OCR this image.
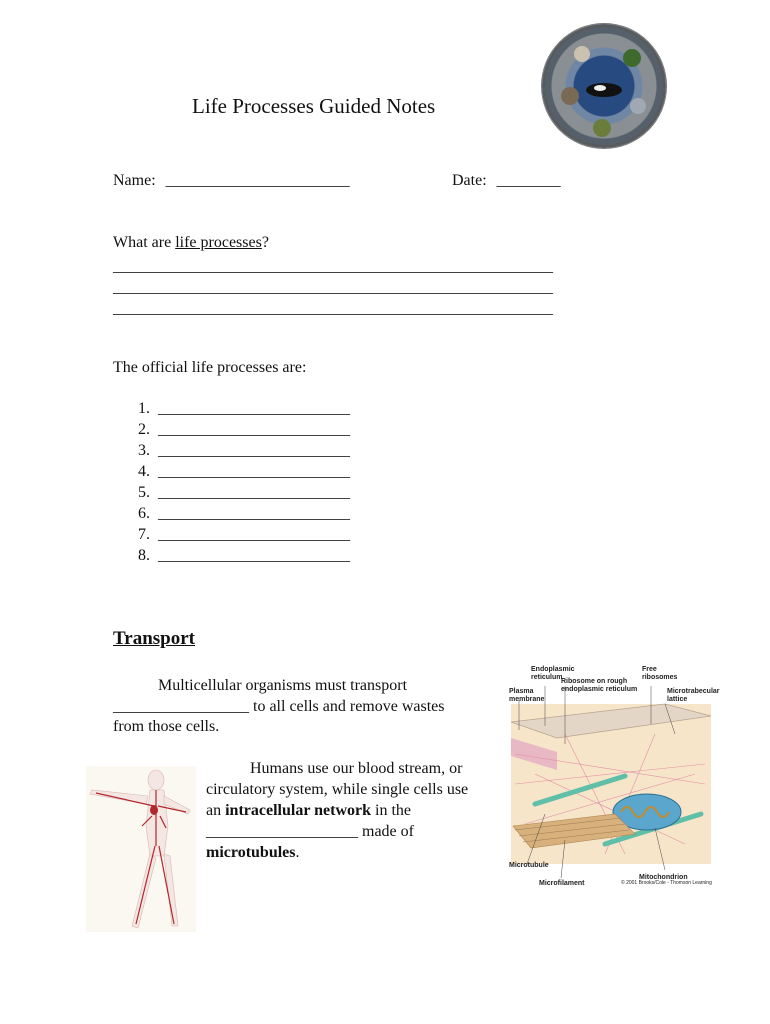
Life Processes Guided Notes
Name: _______________________	Date: ________
What are life processes?
_______________________________________________________
_______________________________________________________
_______________________________________________________
The official life processes are:
1. ________________________
2. ________________________
3. ________________________
4. ________________________
5. ________________________
6. ________________________
7. ________________________
8. ________________________
Transport
Multicellular organisms must transport
_________________ to all cells and remove wastes
from those cells.
Humans use our blood stream, or
circulatory system, while single cells use
an intracellular network in the
___________________ made of
microtubules.
Endoplasmic
reticulum
Ribosome on rough
endoplasmic reticulum
Free
ribosomes
Plasma
membrane
Microtrabecular
lattice
Microtubule
Mitochondrion
Microfilament	© 2001 Brooks/Cole - Thomson Learning
